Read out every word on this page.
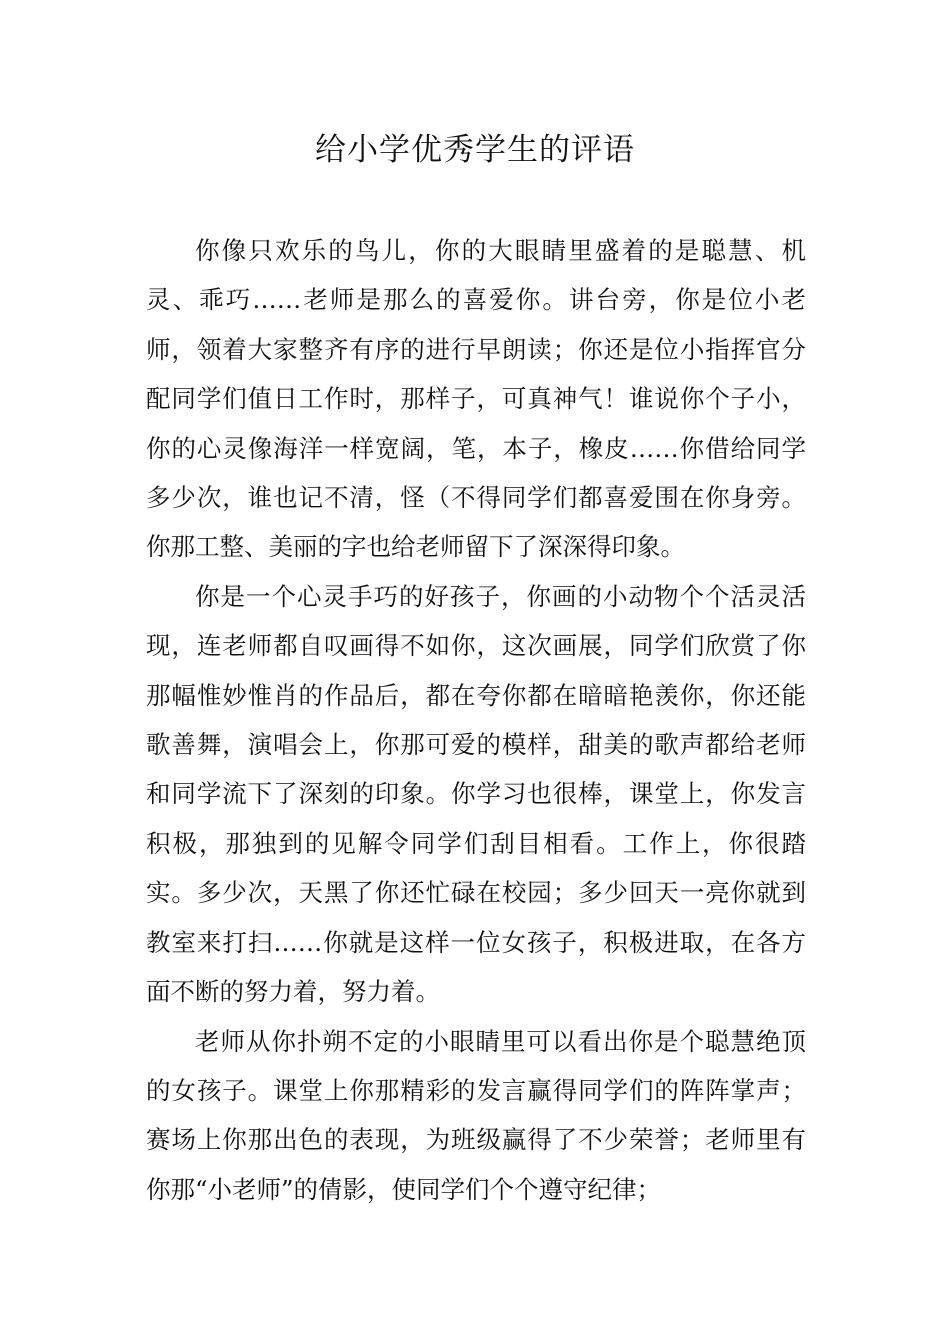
给小学优秀学生的评语

你像只欢乐的鸟儿，你的大眼睛里盛着的是聪慧、机灵、乖巧……老师是那么的喜爱你。讲台旁，你是位小老师，领着大家整齐有序的进行早朗读；你还是位小指挥官分配同学们值日工作时，那样子，可真神气！谁说你个子小，你的心灵像海洋一样宽阔，笔，本子，橡皮……你借给同学多少次，谁也记不清，怪（不得同学们都喜爱围在你身旁。你那工整、美丽的字也给老师留下了深深得印象。

你是一个心灵手巧的好孩子，你画的小动物个个活灵活现，连老师都自叹画得不如你，这次画展，同学们欣赏了你那幅惟妙惟肖的作品后，都在夸你都在暗暗艳羡你，你还能歌善舞，演唱会上，你那可爱的模样，甜美的歌声都给老师和同学流下了深刻的印象。你学习也很棒，课堂上，你发言积极，那独到的见解令同学们刮目相看。工作上，你很踏实。多少次，天黑了你还忙碌在校园；多少回天一亮你就到教室来打扫……你就是这样一位女孩子，积极进取，在各方面不断的努力着，努力着。

老师从你扑朔不定的小眼睛里可以看出你是个聪慧绝顶的女孩子。课堂上你那精彩的发言赢得同学们的阵阵掌声；赛场上你那出色的表现，为班级赢得了不少荣誉；老师里有你那“小老师”的倩影，使同学们个个遵守纪律；
